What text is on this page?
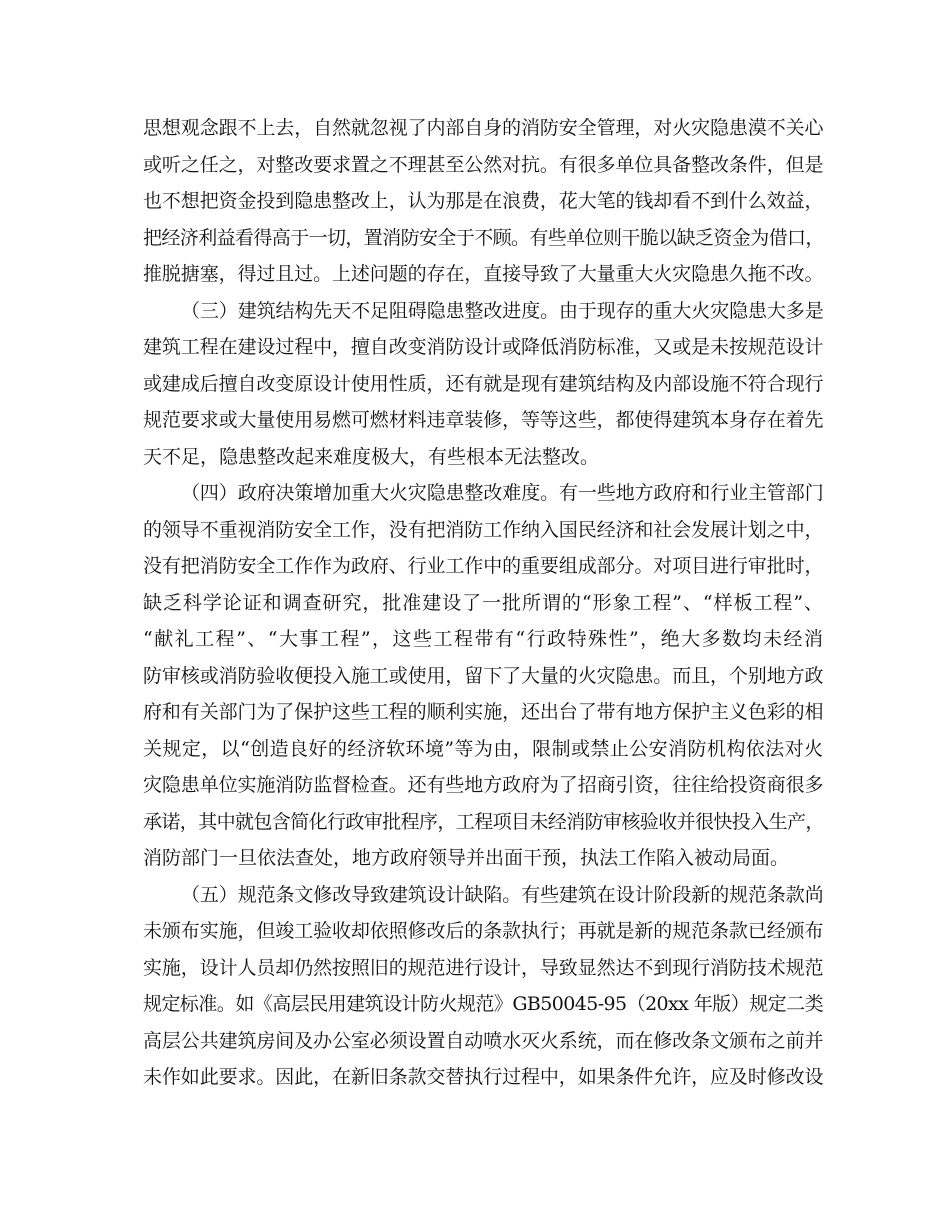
思想观念跟不上去，自然就忽视了内部自身的消防安全管理，对火灾隐患漠不关心
或听之任之，对整改要求置之不理甚至公然对抗。有很多单位具备整改条件，但是
也不想把资金投到隐患整改上，认为那是在浪费，花大笔的钱却看不到什么效益，
把经济利益看得高于一切，置消防安全于不顾。有些单位则干脆以缺乏资金为借口，
推脱搪塞，得过且过。上述问题的存在，直接导致了大量重大火灾隐患久拖不改。
（三）建筑结构先天不足阻碍隐患整改进度。由于现存的重大火灾隐患大多是
建筑工程在建设过程中，擅自改变消防设计或降低消防标准，又或是未按规范设计
或建成后擅自改变原设计使用性质，还有就是现有建筑结构及内部设施不符合现行
规范要求或大量使用易燃可燃材料违章装修，等等这些，都使得建筑本身存在着先
天不足，隐患整改起来难度极大，有些根本无法整改。
（四）政府决策增加重大火灾隐患整改难度。有一些地方政府和行业主管部门
的领导不重视消防安全工作，没有把消防工作纳入国民经济和社会发展计划之中，
没有把消防安全工作作为政府、行业工作中的重要组成部分。对项目进行审批时，
缺乏科学论证和调查研究，批准建设了一批所谓的“形象工程”、“样板工程”、
“献礼工程”、“大事工程”，这些工程带有“行政特殊性”，绝大多数均未经消
防审核或消防验收便投入施工或使用，留下了大量的火灾隐患。而且，个别地方政
府和有关部门为了保护这些工程的顺利实施，还出台了带有地方保护主义色彩的相
关规定，以“创造良好的经济软环境”等为由，限制或禁止公安消防机构依法对火
灾隐患单位实施消防监督检查。还有些地方政府为了招商引资，往往给投资商很多
承诺，其中就包含简化行政审批程序，工程项目未经消防审核验收并很快投入生产，
消防部门一旦依法查处，地方政府领导并出面干预，执法工作陷入被动局面。
（五）规范条文修改导致建筑设计缺陷。有些建筑在设计阶段新的规范条款尚
未颁布实施，但竣工验收却依照修改后的条款执行；再就是新的规范条款已经颁布
实施，设计人员却仍然按照旧的规范进行设计，导致显然达不到现行消防技术规范
规定标准。如《高层民用建筑设计防火规范》GB50045-95（20xx 年版）规定二类
高层公共建筑房间及办公室必须设置自动喷水灭火系统，而在修改条文颁布之前并
未作如此要求。因此，在新旧条款交替执行过程中，如果条件允许，应及时修改设
